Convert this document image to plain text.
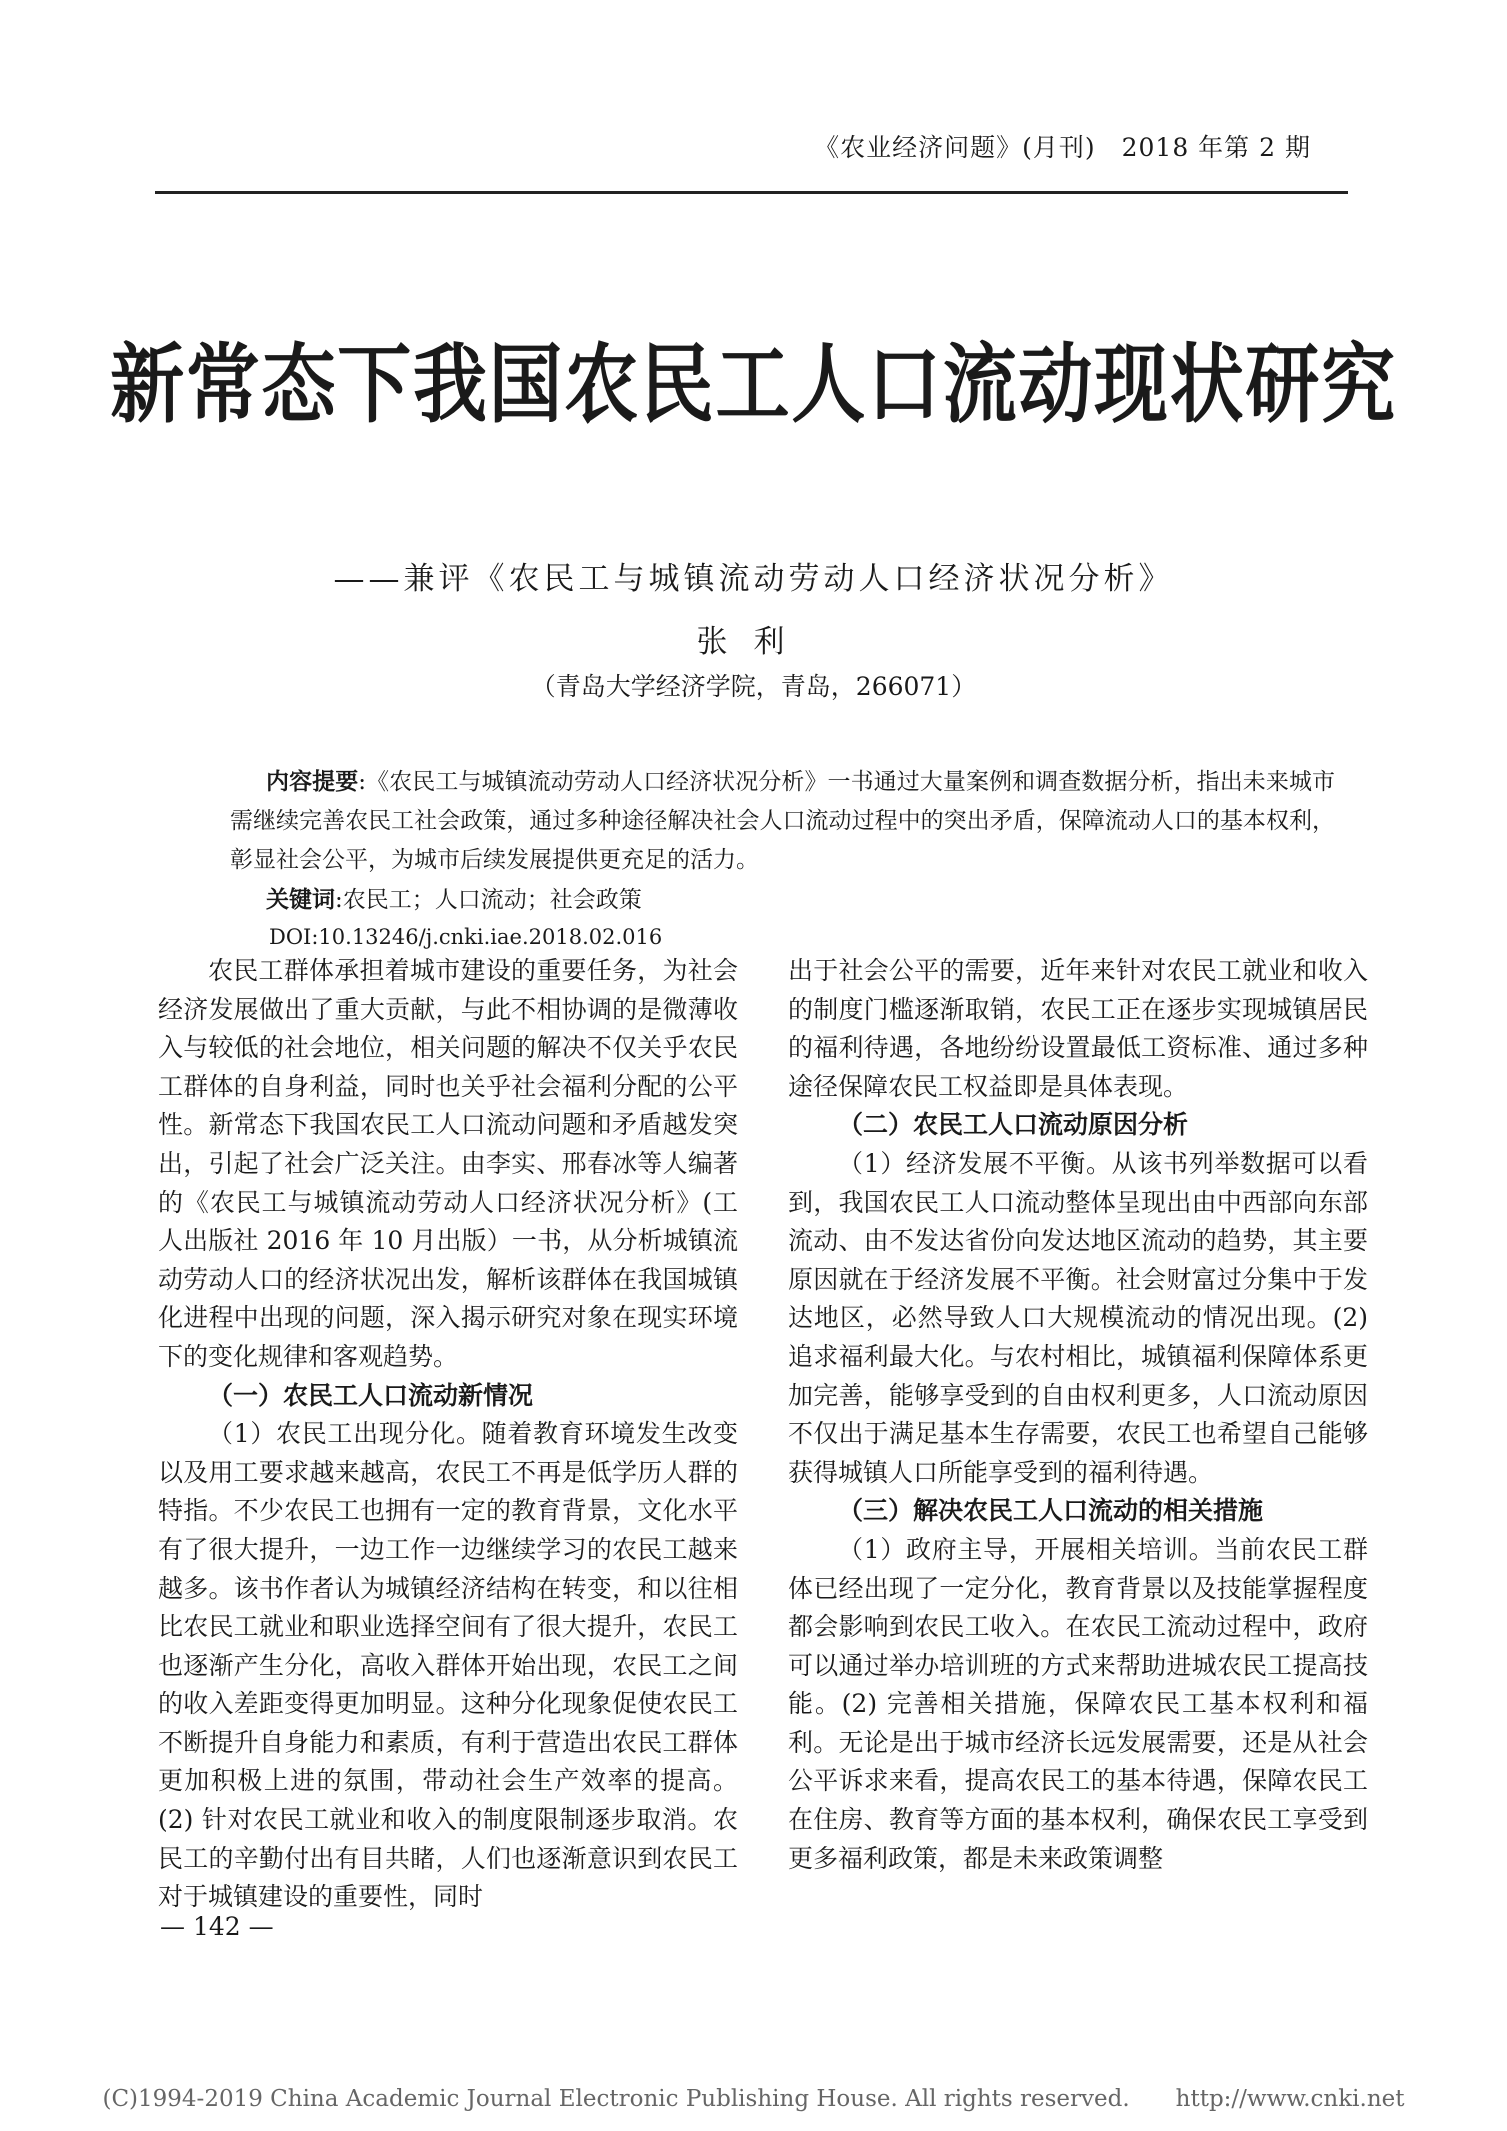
《农业经济问题》(月刊)　2018 年第 2 期
新常态下我国农民工人口流动现状研究
——兼评《农民工与城镇流动劳动人口经济状况分析》
张利
（青岛大学经济学院，青岛，266071）
内容提要:《农民工与城镇流动劳动人口经济状况分析》一书通过大量案例和调查数据分析，指出未来城市需继续完善农民工社会政策，通过多种途径解决社会人口流动过程中的突出矛盾，保障流动人口的基本权利，彰显社会公平，为城市后续发展提供更充足的活力。
关键词:农民工；人口流动；社会政策
DOI:10.13246/j.cnki.iae.2018.02.016

农民工群体承担着城市建设的重要任务，为社会经济发展做出了重大贡献，与此不相协调的是微薄收入与较低的社会地位，相关问题的解决不仅关乎农民工群体的自身利益，同时也关乎社会福利分配的公平性。新常态下我国农民工人口流动问题和矛盾越发突出，引起了社会广泛关注。由李实、邢春冰等人编著的《农民工与城镇流动劳动人口经济状况分析》(工人出版社 2016 年 10 月出版）一书，从分析城镇流动劳动人口的经济状况出发，解析该群体在我国城镇化进程中出现的问题，深入揭示研究对象在现实环境下的变化规律和客观趋势。

（一）农民工人口流动新情况

（1）农民工出现分化。随着教育环境发生改变以及用工要求越来越高，农民工不再是低学历人群的特指。不少农民工也拥有一定的教育背景，文化水平有了很大提升，一边工作一边继续学习的农民工越来越多。该书作者认为城镇经济结构在转变，和以往相比农民工就业和职业选择空间有了很大提升，农民工也逐渐产生分化，高收入群体开始出现，农民工之间的收入差距变得更加明显。这种分化现象促使农民工不断提升自身能力和素质，有利于营造出农民工群体更加积极上进的氛围，带动社会生产效率的提高。(2) 针对农民工就业和收入的制度限制逐步取消。农民工的辛勤付出有目共睹，人们也逐渐意识到农民工对于城镇建设的重要性，同时

出于社会公平的需要，近年来针对农民工就业和收入的制度门槛逐渐取销，农民工正在逐步实现城镇居民的福利待遇，各地纷纷设置最低工资标准、通过多种途径保障农民工权益即是具体表现。

（二）农民工人口流动原因分析

（1）经济发展不平衡。从该书列举数据可以看到，我国农民工人口流动整体呈现出由中西部向东部流动、由不发达省份向发达地区流动的趋势，其主要原因就在于经济发展不平衡。社会财富过分集中于发达地区，必然导致人口大规模流动的情况出现。(2) 追求福利最大化。与农村相比，城镇福利保障体系更加完善，能够享受到的自由权利更多，人口流动原因不仅出于满足基本生存需要，农民工也希望自己能够获得城镇人口所能享受到的福利待遇。

（三）解决农民工人口流动的相关措施

（1）政府主导，开展相关培训。当前农民工群体已经出现了一定分化，教育背景以及技能掌握程度都会影响到农民工收入。在农民工流动过程中，政府可以通过举办培训班的方式来帮助进城农民工提高技能。(2) 完善相关措施，保障农民工基本权利和福利。无论是出于城市经济长远发展需要，还是从社会公平诉求来看，提高农民工的基本待遇，保障农民工在住房、教育等方面的基本权利，确保农民工享受到更多福利政策，都是未来政策调整

— 142 —
(C)1994-2019 China Academic Journal Electronic Publishing House. All rights reserved.　　http://www.cnki.net
